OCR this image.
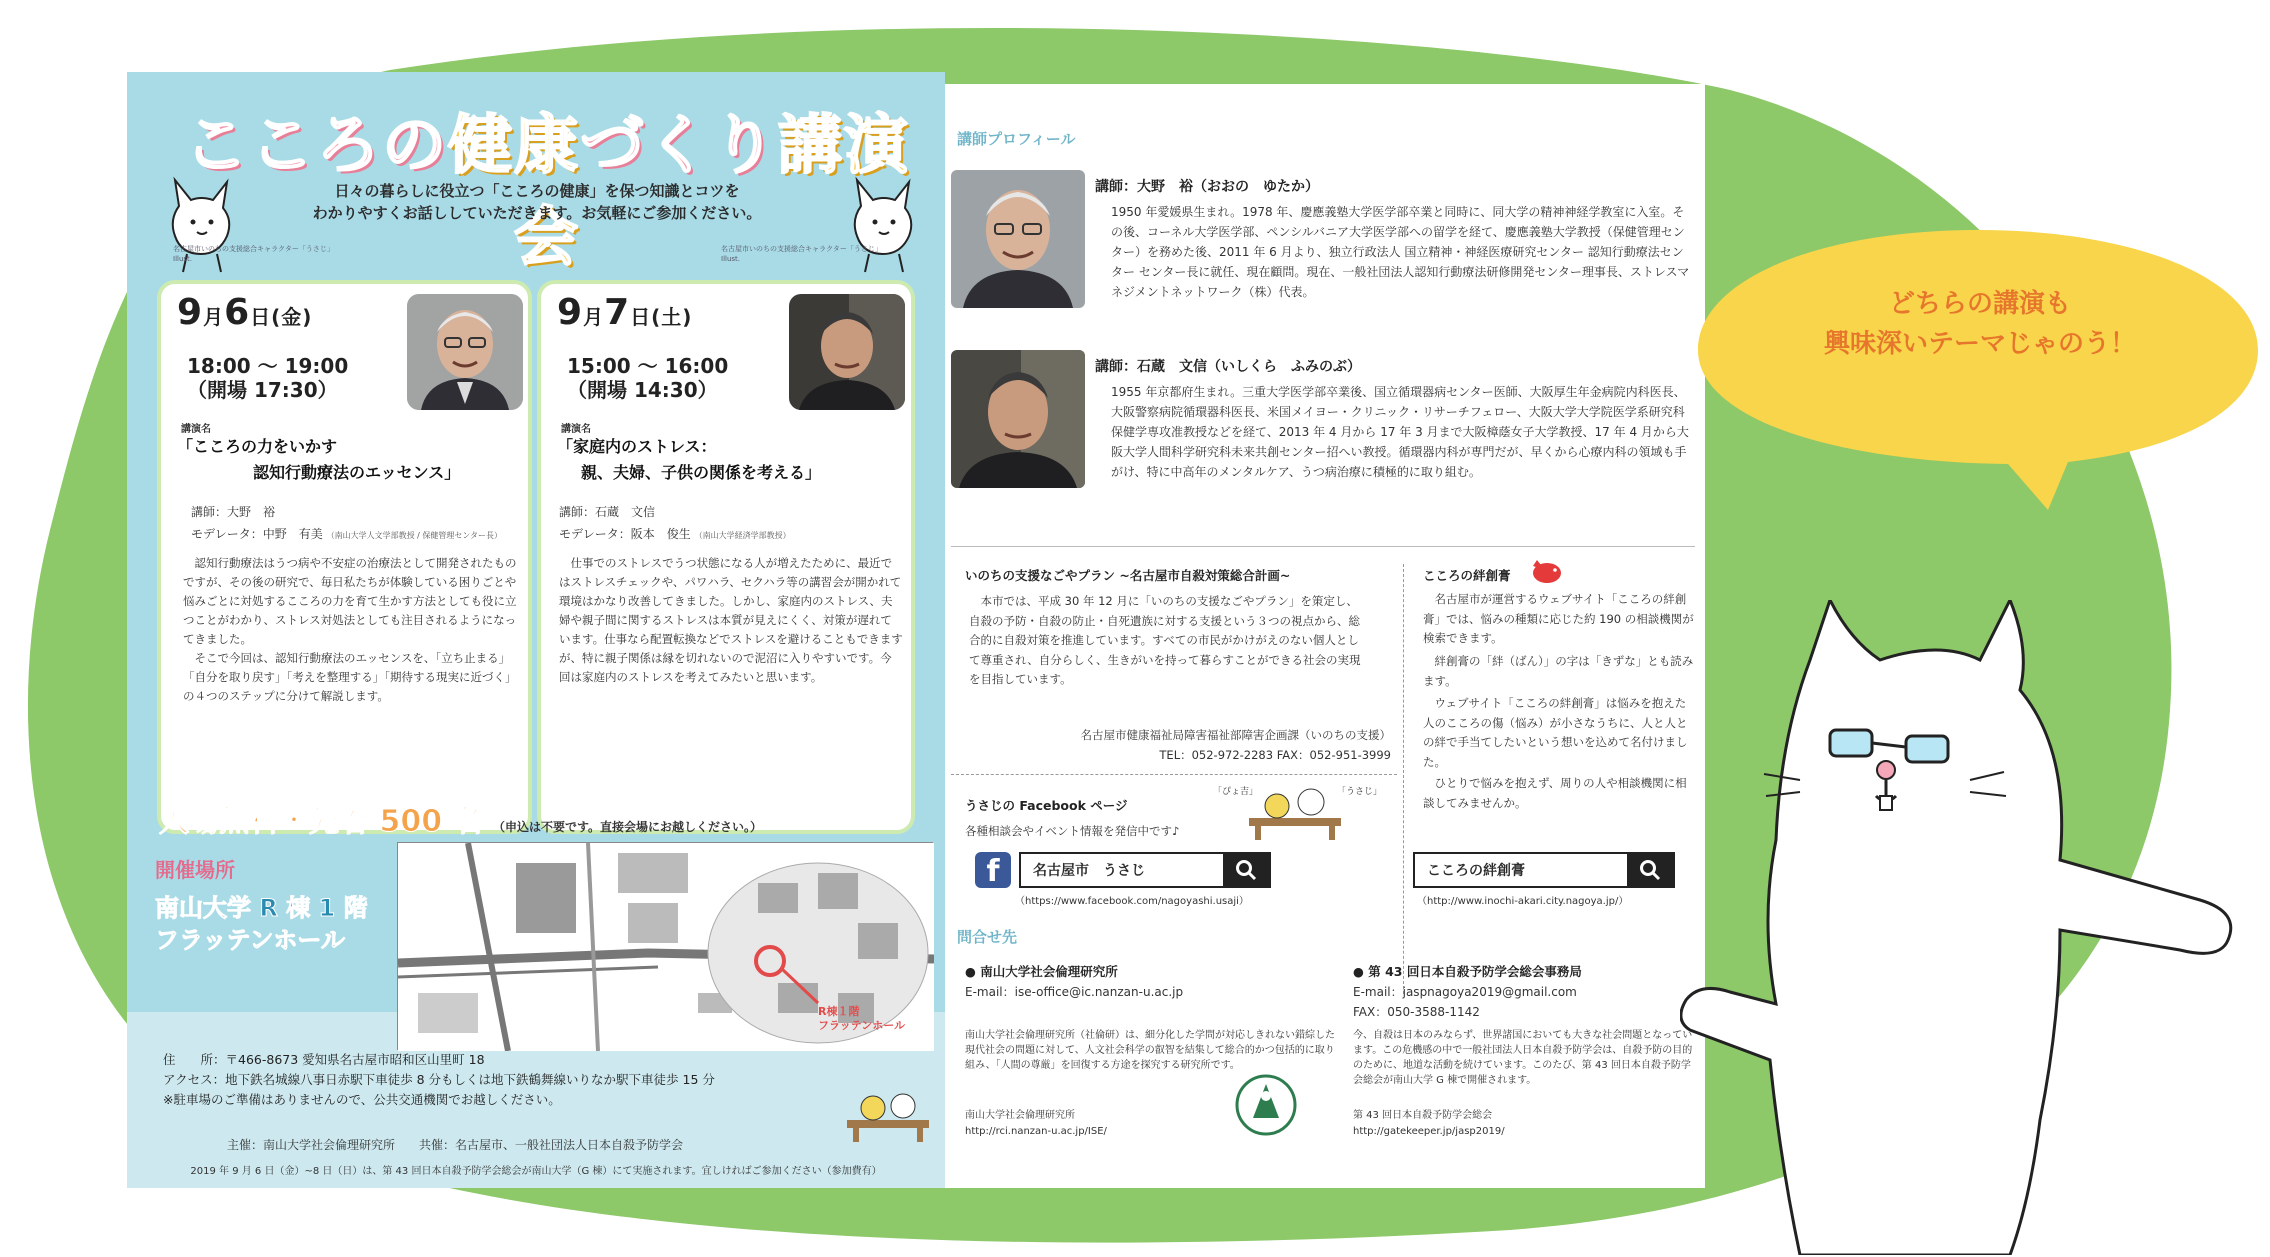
こころの健康づくり講演会
日々の暮らしに役立つ「こころの健康」を保つ知識とコツを
わかりやすくお話ししていただきます。お気軽にご参加ください。
名古屋市いのちの支援総合キャラクター「うさじ」Illust.
名古屋市いのちの支援総合キャラクター「うさじ」Illust.
9月6日(金)
18:00 ～ 19:00
（開場 17:30）
講演名
「こころの力をいかす
認知行動療法のエッセンス」
講師：大野　裕
モデレータ：中野　有美 （南山大学人文学部教授 / 保健管理センター長）
　認知行動療法はうつ病や不安症の治療法として開発されたものですが、その後の研究で、毎日私たちが体験している困りごとや悩みごとに対処するこころの力を育て生かす方法としても役に立つことがわかり、ストレス対処法としても注目されるようになってきました。
　そこで今回は、認知行動療法のエッセンスを、「立ち止まる」「自分を取り戻す」「考えを整理する」「期待する現実に近づく」の４つのステップに分けて解説します。
9月7日(土)
15:00 ～ 16:00
（開場 14:30）
講演名
「家庭内のストレス：
親、夫婦、子供の関係を考える」
講師：石蔵　文信
モデレータ：阪本　俊生 （南山大学経済学部教授）
　仕事でのストレスでうつ状態になる人が増えたために、最近ではストレスチェックや、パワハラ、セクハラ等の講習会が開かれて環境はかなり改善してきました。しかし、家庭内のストレス、夫婦や親子間に関するストレスは本質が見えにくく、対策が遅れています。仕事なら配置転換などでストレスを避けることもできますが、特に親子関係は縁を切れないので泥沼に入りやすいです。今回は家庭内のストレスを考えてみたいと思います。
入場無料・先着 500 名 （申込は不要です。直接会場にお越しください。）
開催場所
南山大学 R 棟 1 階
フラッテンホール
R棟１階
フラッテンホール
住　　所：〒466-8673 愛知県名古屋市昭和区山里町 18
アクセス：地下鉄名城線八事日赤駅下車徒歩 8 分もしくは地下鉄鶴舞線いりなか駅下車徒歩 15 分
※駐車場のご準備はありませんので、公共交通機関でお越しください。
主催：南山大学社会倫理研究所　　共催：名古屋市、一般社団法人日本自殺予防学会
2019 年 9 月 6 日（金）~8 日（日）は、第 43 回日本自殺予防学会総会が南山大学（G 棟）にて実施されます。宜しければご参加ください（参加費有）
講師プロフィール
講師：大野　裕（おおの　ゆたか）
1950 年愛媛県生まれ。1978 年、慶應義塾大学医学部卒業と同時に、同大学の精神神経学教室に入室。その後、コーネル大学医学部、ペンシルバニア大学医学部への留学を経て、慶應義塾大学教授（保健管理センター）を務めた後、2011 年 6 月より、独立行政法人 国立精神・神経医療研究センター 認知行動療法センター センター長に就任、現在顧問。現在、一般社団法人認知行動療法研修開発センター理事長、ストレスマネジメントネットワーク（株）代表。
講師：石蔵　文信（いしくら　ふみのぶ）
1955 年京都府生まれ。三重大学医学部卒業後、国立循環器病センター医師、大阪厚生年金病院内科医長、大阪警察病院循環器科医長、米国メイヨー・クリニック・リサーチフェロー、大阪大学大学院医学系研究科保健学専攻准教授などを経て、2013 年 4 月から 17 年 3 月まで大阪樟蔭女子大学教授、17 年 4 月から大阪大学人間科学研究科未来共創センター招へい教授。循環器内科が専門だが、早くから心療内科の領域も手がけ、特に中高年のメンタルケア、うつ病治療に積極的に取り組む。
いのちの支援なごやプラン ~名古屋市自殺対策総合計画~
　本市では、平成 30 年 12 月に「いのちの支援なごやプラン」を策定し、自殺の予防・自殺の防止・自死遺族に対する支援という３つの視点から、総合的に自殺対策を推進しています。すべての市民がかけがえのない個人として尊重され、自分らしく、生きがいを持って暮らすことができる社会の実現を目指しています。
名古屋市健康福祉局障害福祉部障害企画課（いのちの支援）
TEL：052-972-2283 FAX：052-951-3999
こころの絆創膏
　名古屋市が運営するウェブサイト「こころの絆創膏」では、悩みの種類に応じた約 190 の相談機関が検索できます。
　絆創膏の「絆（ばん）」の字は「きずな」とも読みます。
　ウェブサイト「こころの絆創膏」は悩みを抱えた人のこころの傷（悩み）が小さなうちに、人と人との絆で手当てしたいという想いを込めて名付けました。
　ひとりで悩みを抱えず、周りの人や相談機関に相談してみませんか。
こころの絆創膏
（http://www.inochi-akari.city.nagoya.jp/）
うさじの Facebook ページ
各種相談会やイベント情報を発信中です♪
「ぴょ吉」	「うさじ」
f	名古屋市　うさじ
（https://www.facebook.com/nagoyashi.usaji）
問合せ先
● 南山大学社会倫理研究所
E-mail：ise-office@ic.nanzan-u.ac.jp
南山大学社会倫理研究所（社倫研）は、細分化した学問が対応しきれない錯綜した現代社会の問題に対して、人文社会科学の叡智を結集して総合的かつ包括的に取り組み、「人間の尊厳」を回復する方途を探究する研究所です。
南山大学社会倫理研究所
http://rci.nanzan-u.ac.jp/ISE/
● 第 43 回日本自殺予防学会総会事務局
E-mail：jaspnagoya2019@gmail.com
FAX：050-3588-1142
今、自殺は日本のみならず、世界諸国においても大きな社会問題となっています。この危機感の中で一般社団法人日本自殺予防学会は、自殺予防の目的のために、地道な活動を続けています。このたび、第 43 回日本自殺予防学会総会が南山大学 G 棟で開催されます。
第 43 回日本自殺予防学会総会
http://gatekeeper.jp/jasp2019/
どちらの講演も
興味深いテーマじゃのう！
